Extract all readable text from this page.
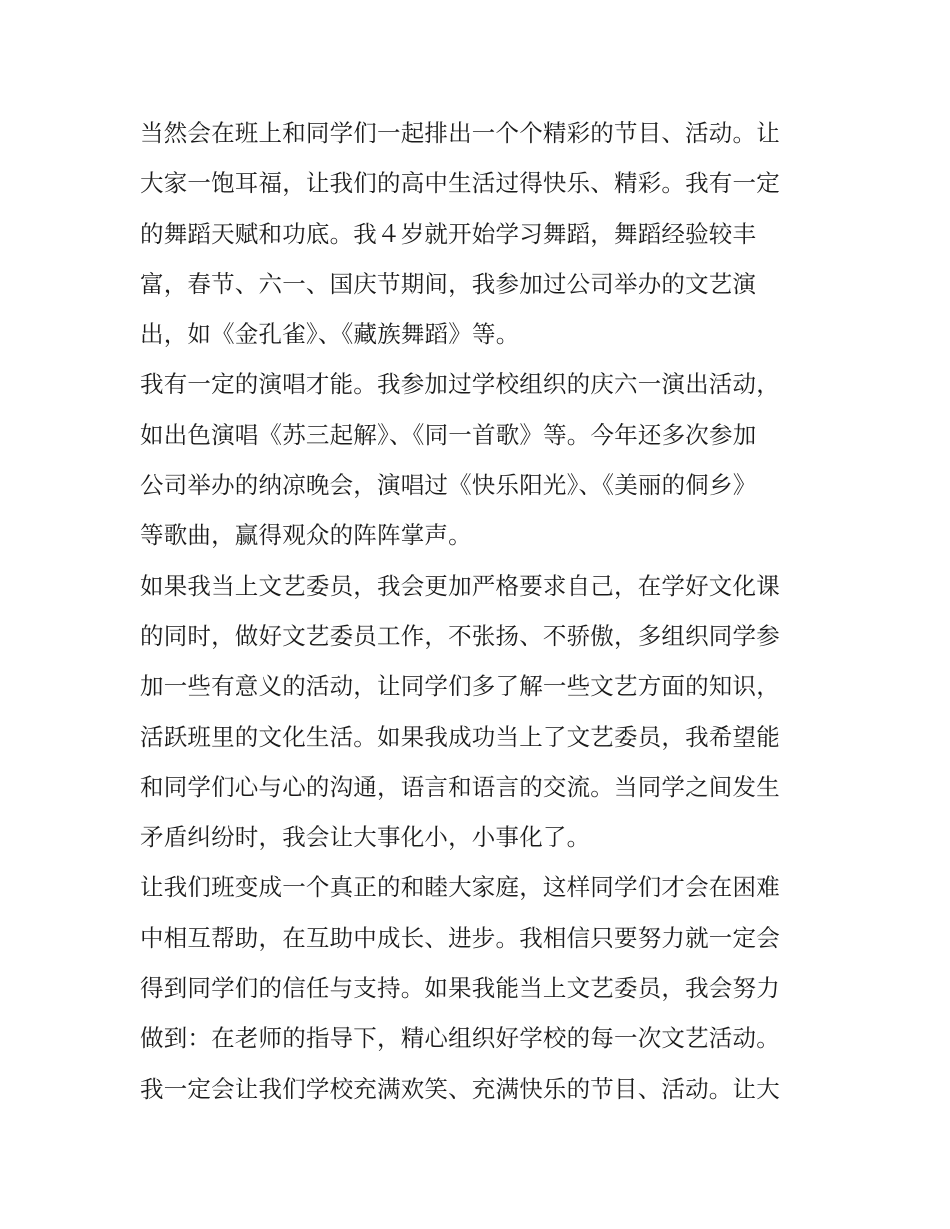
当然会在班上和同学们一起排出一个个精彩的节目、活动。让
大家一饱耳福，让我们的高中生活过得快乐、精彩。我有一定
的舞蹈天赋和功底。我４岁就开始学习舞蹈，舞蹈经验较丰
富，春节、六一、国庆节期间，我参加过公司举办的文艺演
出，如《金孔雀》、《藏族舞蹈》等。
我有一定的演唱才能。我参加过学校组织的庆六一演出活动，
如出色演唱《苏三起解》、《同一首歌》等。今年还多次参加
公司举办的纳凉晚会，演唱过《快乐阳光》、《美丽的侗乡》
等歌曲，赢得观众的阵阵掌声。
如果我当上文艺委员，我会更加严格要求自己，在学好文化课
的同时，做好文艺委员工作，不张扬、不骄傲，多组织同学参
加一些有意义的活动，让同学们多了解一些文艺方面的知识，
活跃班里的文化生活。如果我成功当上了文艺委员，我希望能
和同学们心与心的沟通，语言和语言的交流。当同学之间发生
矛盾纠纷时，我会让大事化小，小事化了。
让我们班变成一个真正的和睦大家庭，这样同学们才会在困难
中相互帮助，在互助中成长、进步。我相信只要努力就一定会
得到同学们的信任与支持。如果我能当上文艺委员，我会努力
做到：在老师的指导下，精心组织好学校的每一次文艺活动。
我一定会让我们学校充满欢笑、充满快乐的节目、活动。让大
